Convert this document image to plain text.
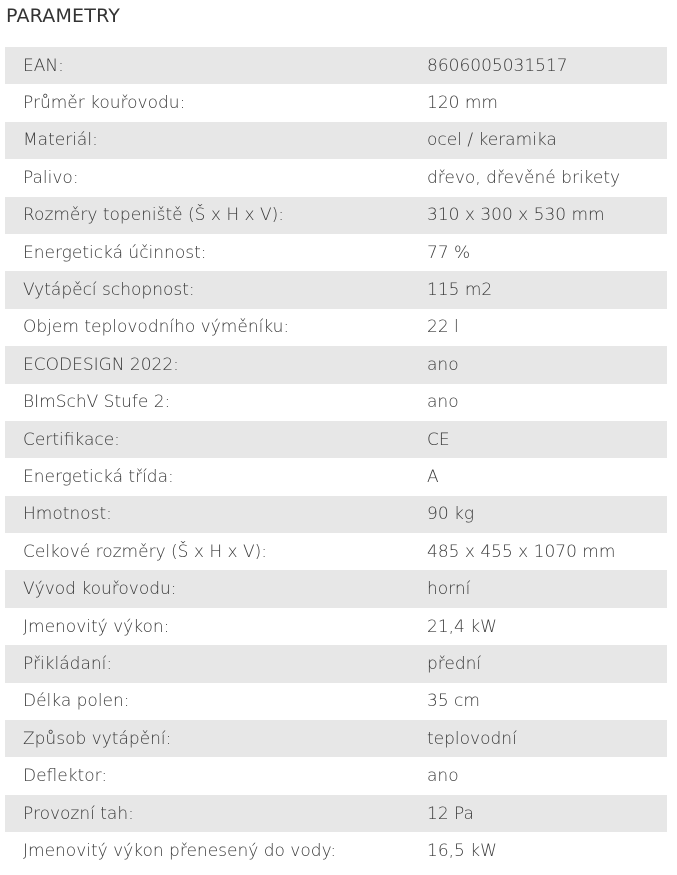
PARAMETRY
EAN:	8606005031517
Průměr kouřovodu:	120 mm
Materiál:	ocel / keramika
Palivo:	dřevo, dřevěné brikety
Rozměry topeniště (Š x H x V):	310 x 300 x 530 mm
Energetická účinnost:	77 %
Vytápěcí schopnost:	115 m2
Objem teplovodního výměníku:	22 l
ECODESIGN 2022:	ano
BImSchV Stufe 2:	ano
Certifikace:	CE
Energetická třída:	A
Hmotnost:	90 kg
Celkové rozměry (Š x H x V):	485 x 455 x 1070 mm
Vývod kouřovodu:	horní
Jmenovitý výkon:	21,4 kW
Přikládaní:	přední
Délka polen:	35 cm
Způsob vytápění:	teplovodní
Deflektor:	ano
Provozní tah:	12 Pa
Jmenovitý výkon přenesený do vody:	16,5 kW
